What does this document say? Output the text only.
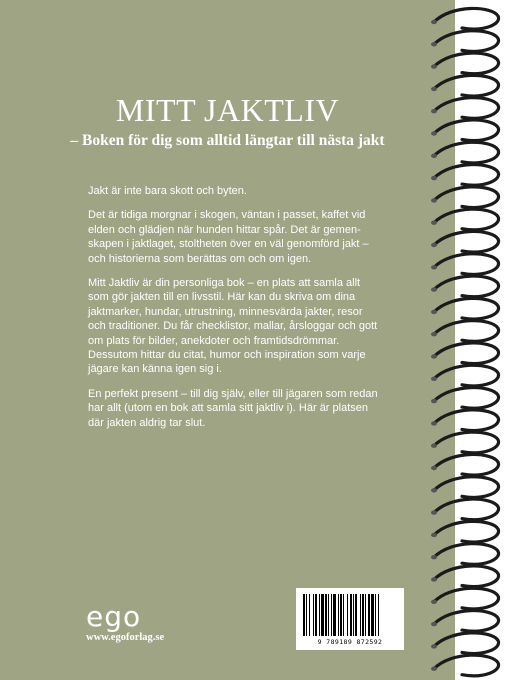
MITT JAKTLIV
– Boken för dig som alltid längtar till nästa jakt

Jakt är inte bara skott och byten.

Det är tidiga morgnar i skogen, väntan i passet, kaffet vid elden och glädjen när hunden hittar spår. Det är gemen-skapen i jaktlaget, stoltheten över en väl genomförd jakt – och historierna som berättas om och om igen.

Mitt Jaktliv är din personliga bok – en plats att samla allt som gör jakten till en livsstil. Här kan du skriva om dina jaktmarker, hundar, utrustning, minnesvärda jakter, resor och traditioner. Du får checklistor, mallar, årsloggar och gott om plats för bilder, anekdoter och framtidsdrömmar. Dessutom hittar du citat, humor och inspiration som varje jägare kan känna igen sig i.

En perfekt present – till dig själv, eller till jägaren som redan har allt (utom en bok att samla sitt jaktliv i). Här är platsen där jakten aldrig tar slut.

ego
www.egoforlag.se	9 789189 872592
